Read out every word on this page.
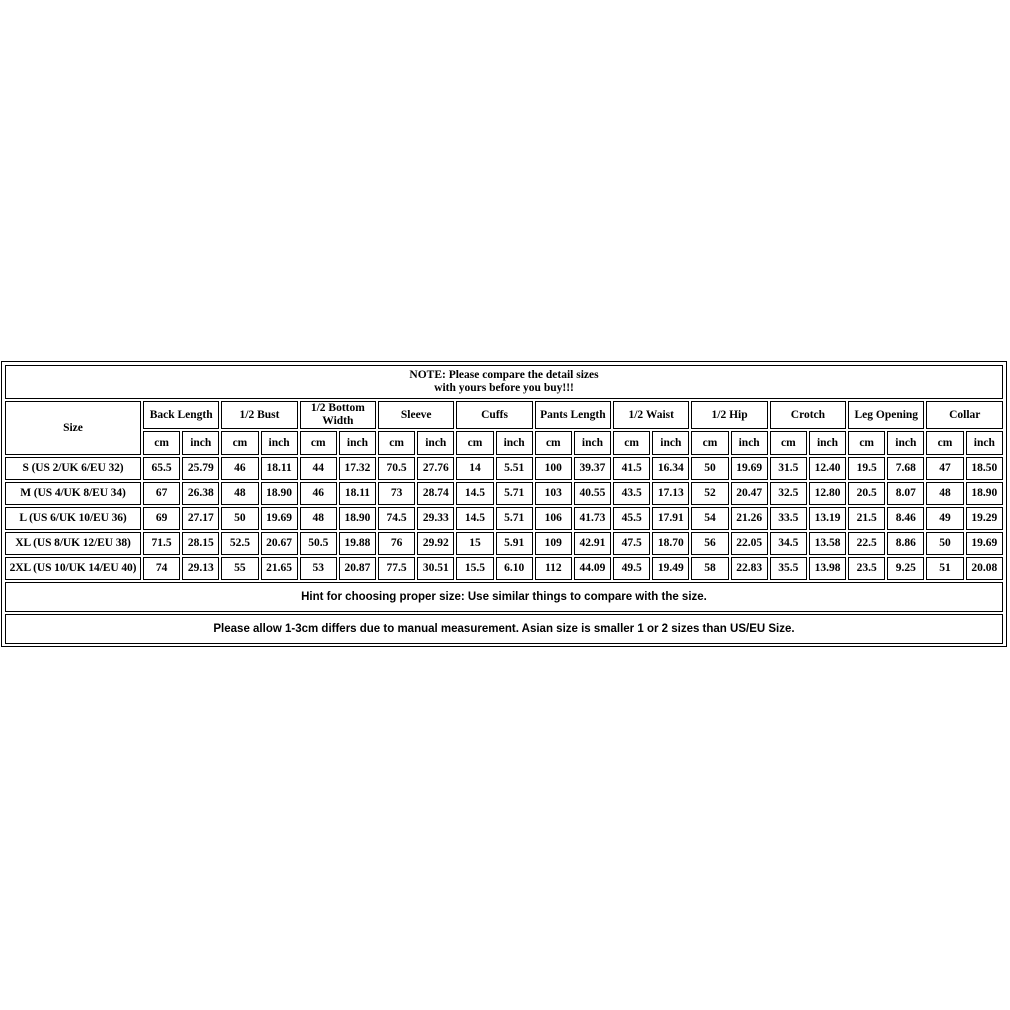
NOTE: Please compare the detail sizes
with yours before you buy!!!																						

Size	Back Length		1/2 Bust		1/2 Bottom Width		Sleeve		Cuffs		Pants Length		1/2 Waist		1/2 Hip		Crotch		Leg Opening		Collar	
	cm	inch	cm	inch	cm	inch	cm	inch	cm	inch	cm	inch	cm	inch	cm	inch	cm	inch	cm	inch	cm	inch
S (US 2/UK 6/EU 32)	65.5	25.79	46	18.11	44	17.32	70.5	27.76	14	5.51	100	39.37	41.5	16.34	50	19.69	31.5	12.40	19.5	7.68	47	18.50
M (US 4/UK 8/EU 34)	67	26.38	48	18.90	46	18.11	73	28.74	14.5	5.71	103	40.55	43.5	17.13	52	20.47	32.5	12.80	20.5	8.07	48	18.90
L (US 6/UK 10/EU 36)	69	27.17	50	19.69	48	18.90	74.5	29.33	14.5	5.71	106	41.73	45.5	17.91	54	21.26	33.5	13.19	21.5	8.46	49	19.29
XL (US 8/UK 12/EU 38)	71.5	28.15	52.5	20.67	50.5	19.88	76	29.92	15	5.91	109	42.91	47.5	18.70	56	22.05	34.5	13.58	22.5	8.86	50	19.69
2XL (US 10/UK 14/EU 40)	74	29.13	55	21.65	53	20.87	77.5	30.51	15.5	6.10	112	44.09	49.5	19.49	58	22.83	35.5	13.98	23.5	9.25	51	20.08
Hint for choosing proper size: Use similar things to compare with the size.																						
Please allow 1-3cm differs due to manual measurement. Asian size is smaller 1 or 2 sizes than US/EU Size.																						
